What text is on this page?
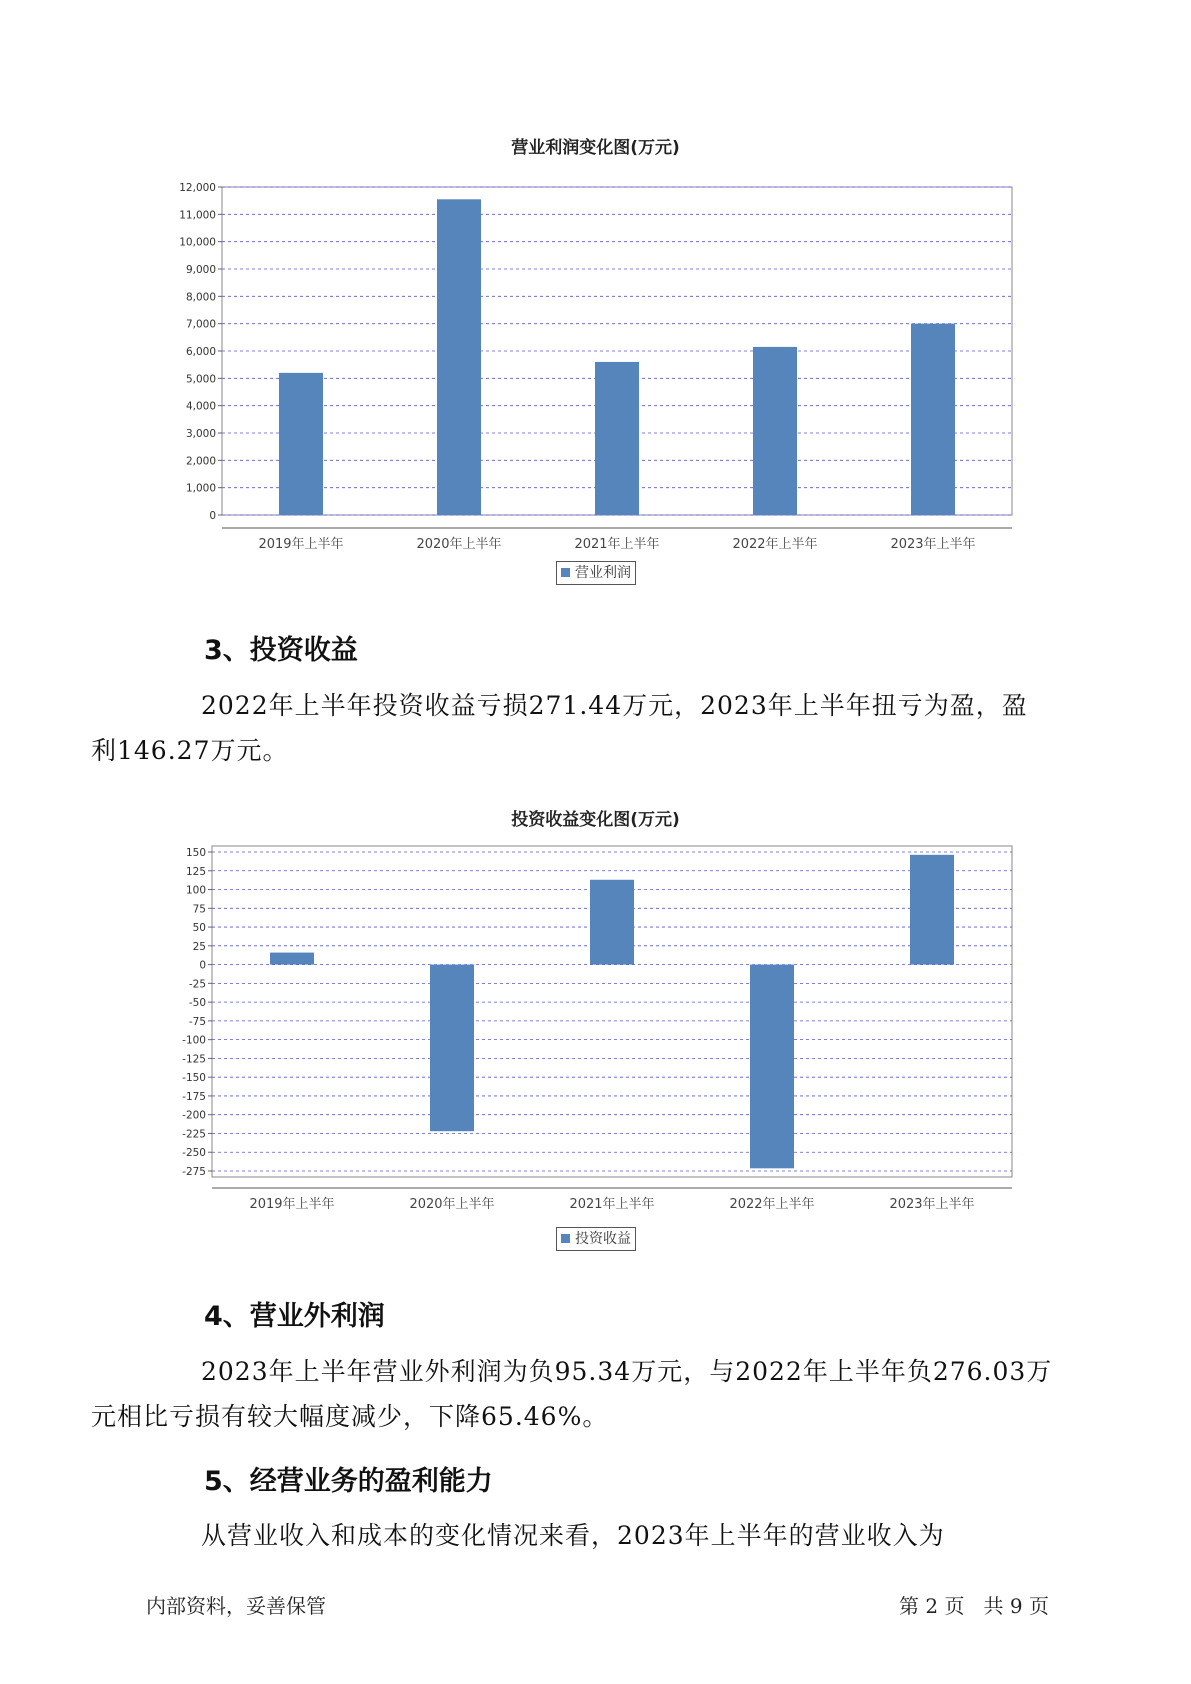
营业利润变化图(万元)
0
1,000
2,000
3,000
4,000
5,000
6,000
7,000
8,000
9,000
10,000
11,000
12,000
2019年上半年	2020年上半年	2021年上半年	2022年上半年	2023年上半年
营业利润
3、投资收益

2022年上半年投资收益亏损271.44万元，2023年上半年扭亏为盈，盈
利146.27万元。

投资收益变化图(万元)
150
125
100
75
50
25
0
-25
-50
-75
-100
-125
-150
-175
-200
-225
-250
-275
2019年上半年	2020年上半年	2021年上半年	2022年上半年	2023年上半年
投资收益
4、营业外利润

2023年上半年营业外利润为负95.34万元，与2022年上半年负276.03万
元相比亏损有较大幅度减少，下降65.46%。

5、经营业务的盈利能力

从营业收入和成本的变化情况来看，2023年上半年的营业收入为

内部资料，妥善保管	第 2 页   共 9 页
